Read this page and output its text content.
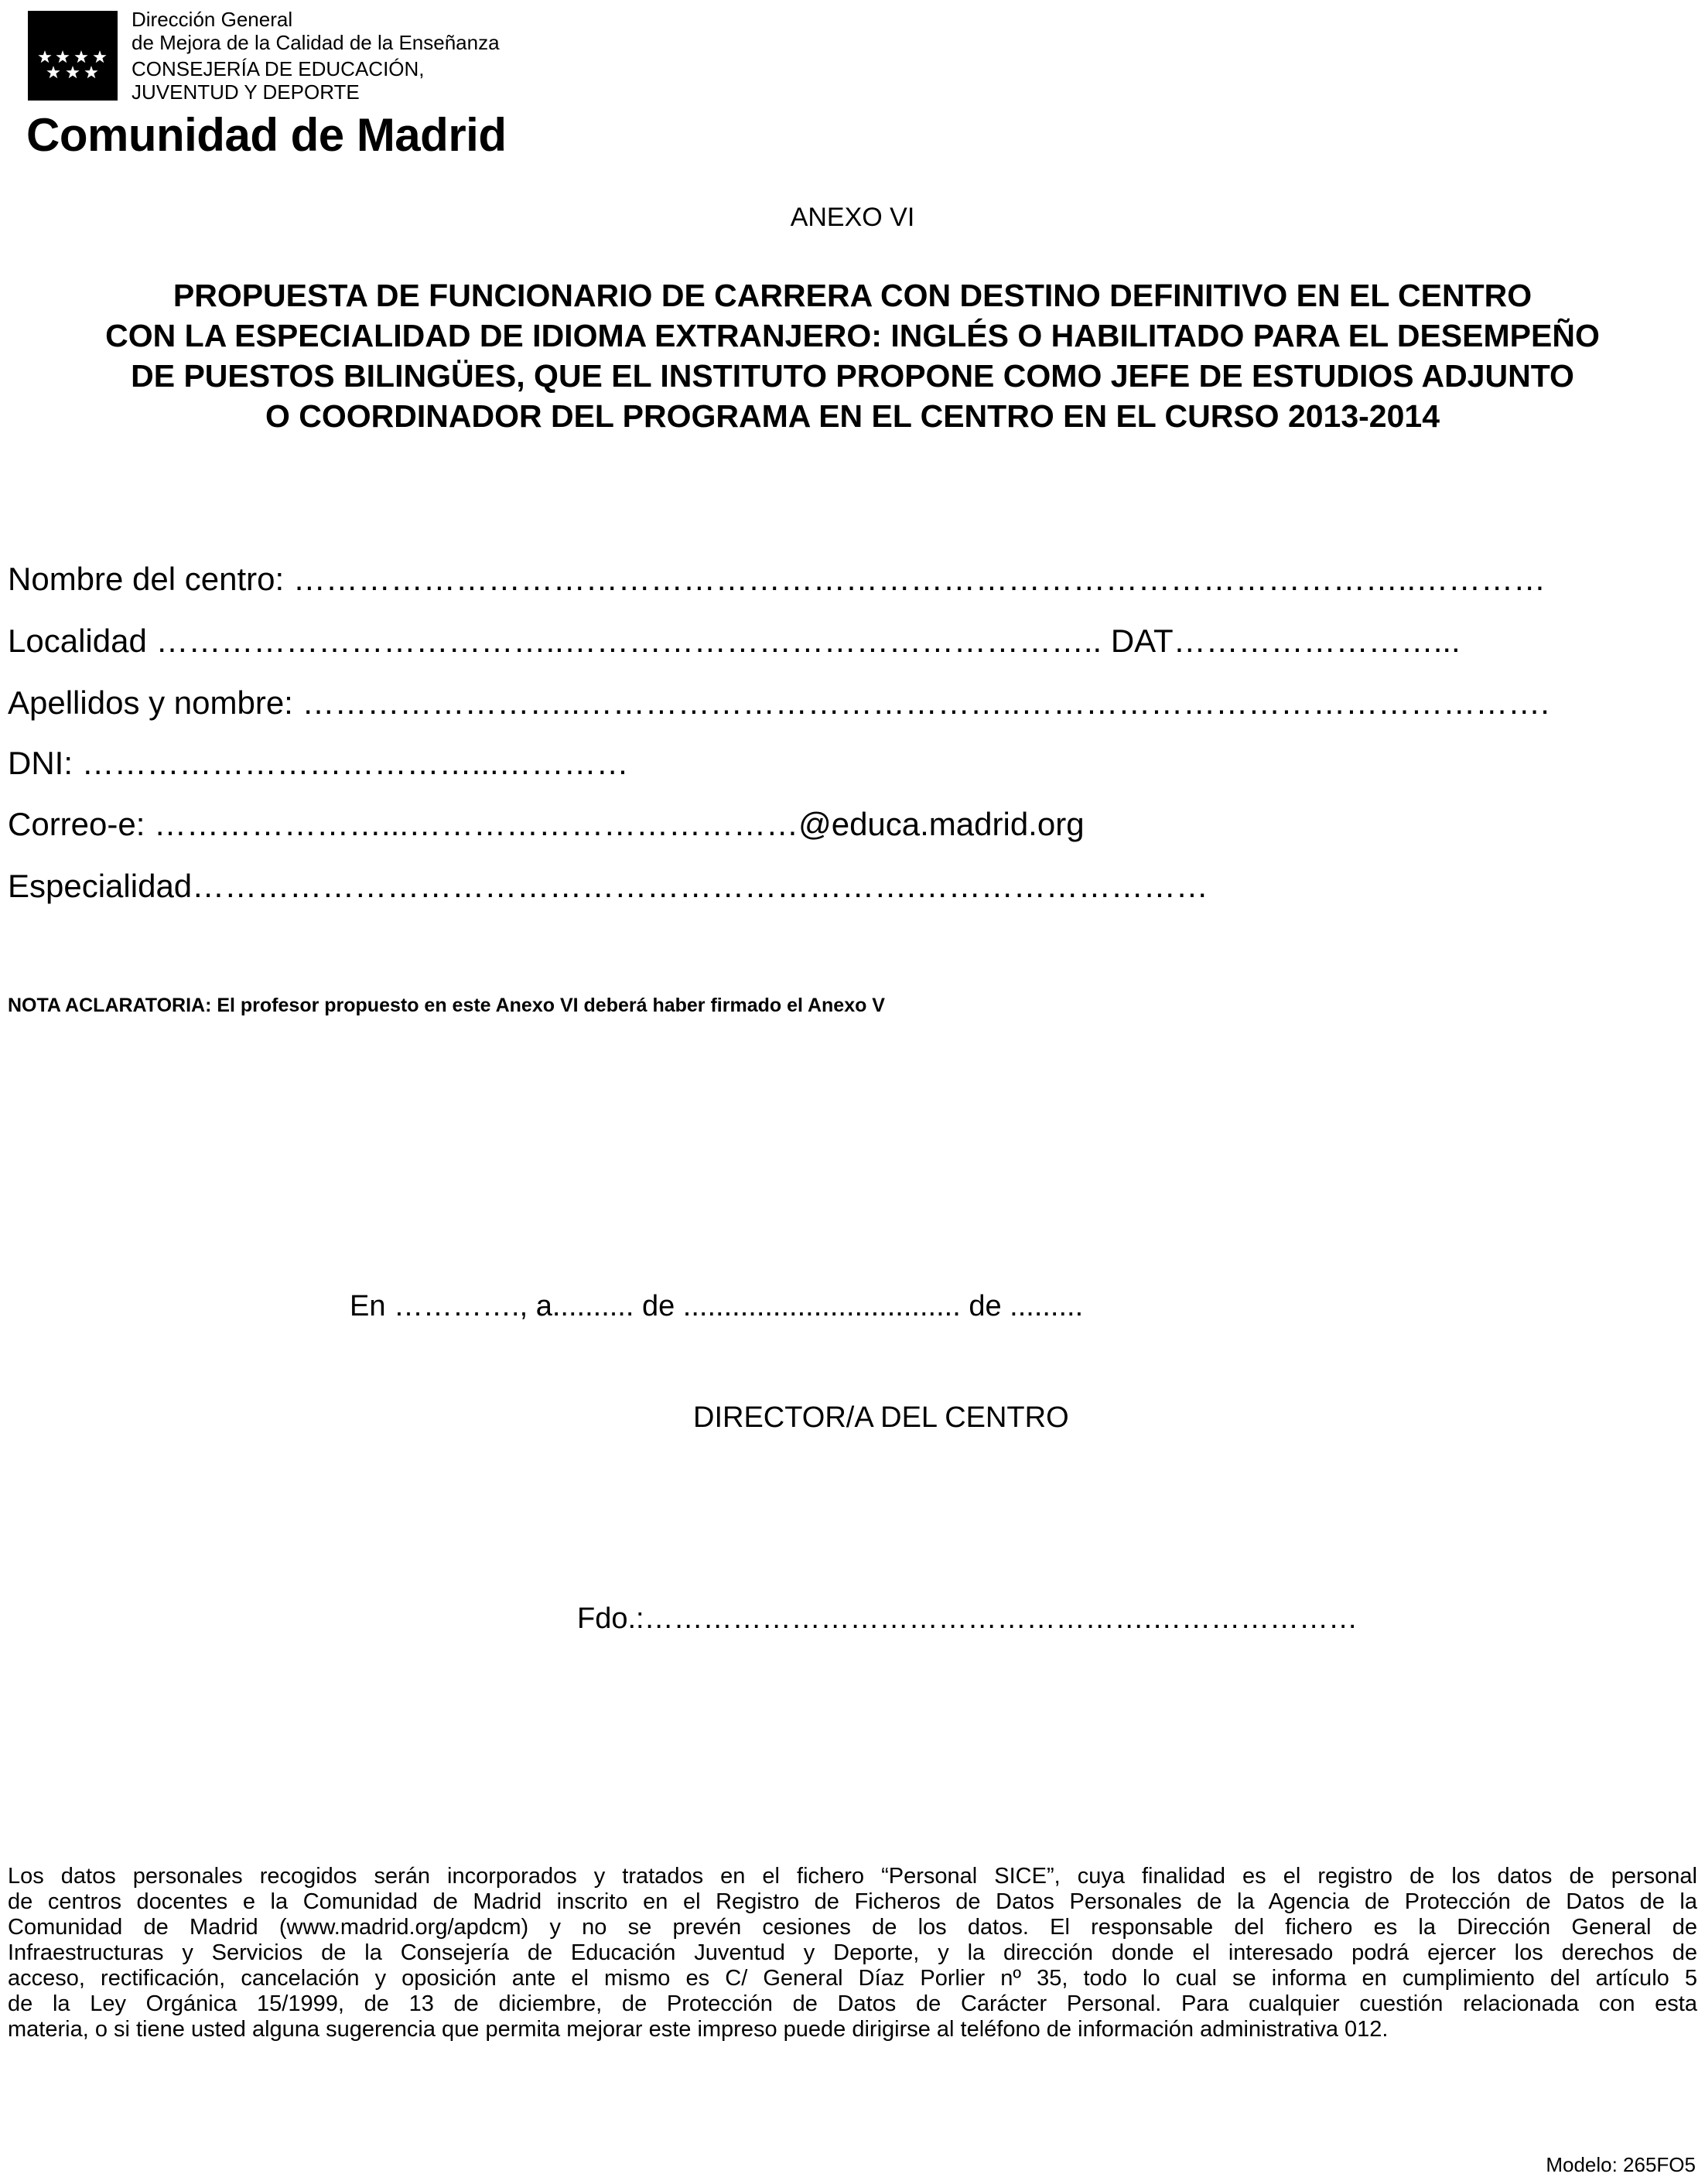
Dirección General
de Mejora de la Calidad de la Enseñanza
CONSEJERÍA DE EDUCACIÓN,
JUVENTUD Y DEPORTE
Comunidad de Madrid
ANEXO VI
PROPUESTA DE FUNCIONARIO DE CARRERA CON DESTINO DEFINITIVO EN EL CENTRO
CON LA ESPECIALIDAD DE IDIOMA EXTRANJERO: INGLÉS O HABILITADO PARA EL DESEMPEÑO
DE PUESTOS BILINGÜES, QUE EL INSTITUTO PROPONE COMO JEFE DE ESTUDIOS ADJUNTO
O COORDINADOR DEL PROGRAMA EN EL CENTRO EN EL CURSO 2013-2014
Nombre del centro: …………………………………………………………………………………………..…………
Localidad ………………………………..………………………………………….. DAT……………………...
Apellidos y nombre: ……………………..…………………………………..………………………………………….
DNI: ………………………………...…………
Correo-e: …………………...………………………………@educa.madrid.org
Especialidad………………………………………………………….………………………
NOTA ACLARATORIA: El profesor propuesto en este Anexo VI deberá haber firmado el Anexo V
En …………., a.......... de .................................. de .........
DIRECTOR/A DEL CENTRO
Fdo.:…………………………………………….…………………
Los datos personales recogidos serán incorporados y tratados en el fichero “Personal SICE”, cuya finalidad es el registro de los datos de personal
de centros docentes e la Comunidad de Madrid inscrito en el Registro de Ficheros de Datos Personales de la Agencia de Protección de Datos de la
Comunidad de Madrid (www.madrid.org/apdcm) y no se prevén cesiones de los datos. El responsable del fichero es la Dirección General de
Infraestructuras y Servicios de la Consejería de Educación Juventud y Deporte, y la dirección donde el interesado podrá ejercer los derechos de
acceso, rectificación, cancelación y oposición ante el mismo es C/ General Díaz Porlier nº 35, todo lo cual se informa en cumplimiento del artículo 5
de la Ley Orgánica 15/1999, de 13 de diciembre, de Protección de Datos de Carácter Personal. Para cualquier cuestión relacionada con esta
materia, o si tiene usted alguna sugerencia que permita mejorar este impreso puede dirigirse al teléfono de información administrativa 012.
Modelo: 265FO5
